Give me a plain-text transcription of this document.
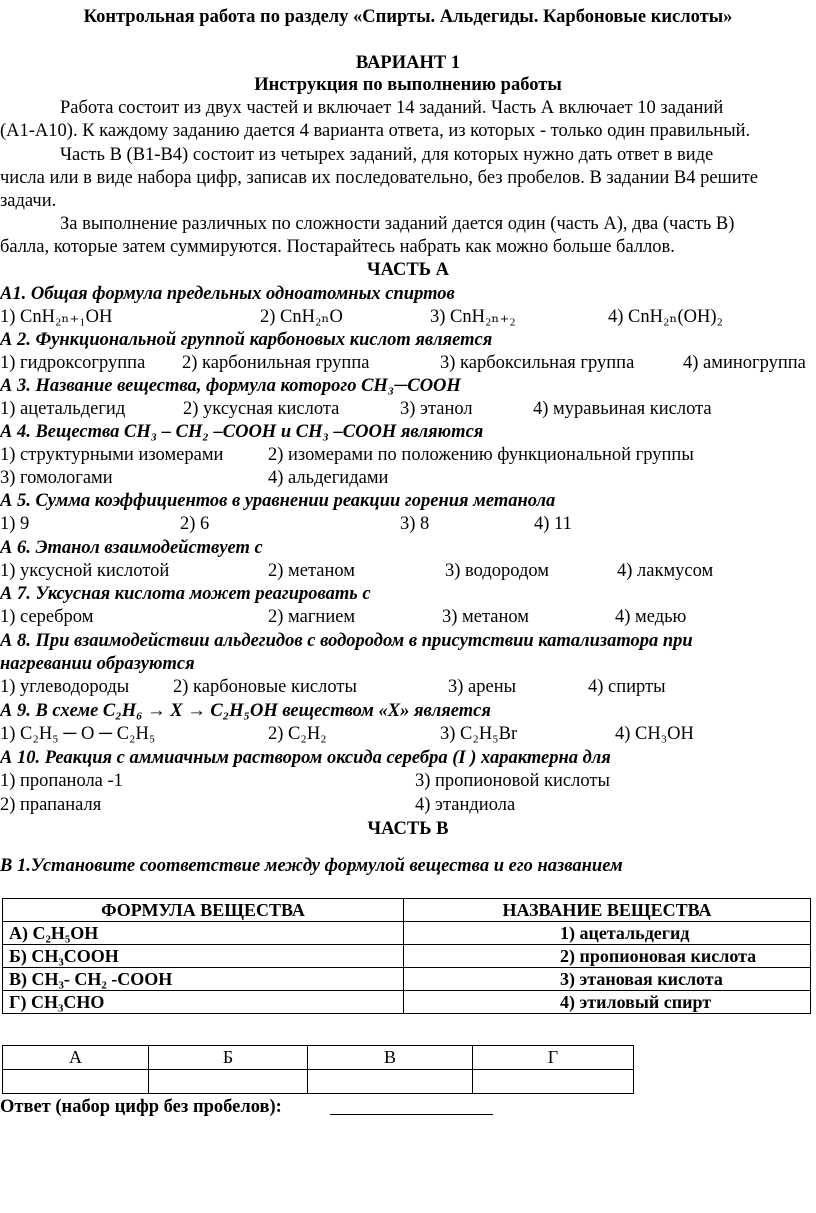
Контрольная работа по разделу «Спирты. Альдегиды. Карбоновые кислоты»
ВАРИАНТ 1
Инструкция по выполнению работы
Работа состоит из двух частей и включает 14 заданий. Часть А включает 10 заданий
(А1-А10). К каждому заданию дается 4 варианта ответа, из которых - только один правильный.
Часть В (В1-В4) состоит из четырех заданий, для которых нужно дать ответ в виде
числа или в виде набора цифр, записав их последовательно, без пробелов. В задании В4 решите
задачи.
За выполнение различных по сложности заданий дается один (часть А), два (часть В)
балла, которые затем суммируются. Постарайтесь набрать как можно больше баллов.
ЧАСТЬ А
А1. Общая формула предельных одноатомных спиртов
1) CnH₂ₙ₊₁OH	2) CnH₂ₙO	3) CnH₂ₙ₊₂	4) CnH₂ₙ(OH)₂
А 2. Функциональной группой карбоновых кислот является
1) гидроксогруппа 2) карбонильная группа	3) карбоксильная группа	4) аминогруппа
А 3. Название вещества, формула которого CH₃─COOH
1) ацетальдегид	2) уксусная кислота	3) этанол	4) муравьиная кислота
А 4. Вещества CH₃ – CH₂ –COOH и CH₃ –COOH являются
1) структурными изомерами 2) изомерами по положению функциональной группы
3) гомологами	4) альдегидами
А 5. Сумма коэффициентов в уравнении реакции горения метанола
1) 9	2) 6	3) 8	4) 11
А 6. Этанол взаимодействует с
1) уксусной кислотой	2) метаном	3) водородом	4) лакмусом
А 7. Уксусная кислота может реагировать с
1) серебром	2) магнием	3) метаном	4) медью
А 8. При взаимодействии альдегидов с водородом в присутствии катализатора при
нагревании образуются
1) углеводороды 2) карбоновые кислоты	3) арены	4) спирты
А 9. В схеме C₂H₆ → X → C₂H₅OH веществом «Х» является
1) C₂H₅ ─ O ─ C₂H₅	2) C₂H₂	3) C₂H₅Br	4) CH₃OH
А 10. Реакция с аммиачным раствором оксида серебра (I ) характерна для
1) пропанола -1	3) пропионовой кислоты
2) прапаналя	4) этандиола
ЧАСТЬ В
В 1.Установите соответствие между формулой вещества и его названием
ФОРМУЛА ВЕЩЕСТВА	НАЗВАНИЕ ВЕЩЕСТВА
А) C₂H₅OH	1) ацетальдегид
Б) CH₃COOH	2) пропионовая кислота
В) CH₃- CH₂ -COOH	3) этановая кислота
Г) CH₃CHO	4) этиловый спирт
А	Б	В	Г

Ответ (набор цифр без пробелов):
